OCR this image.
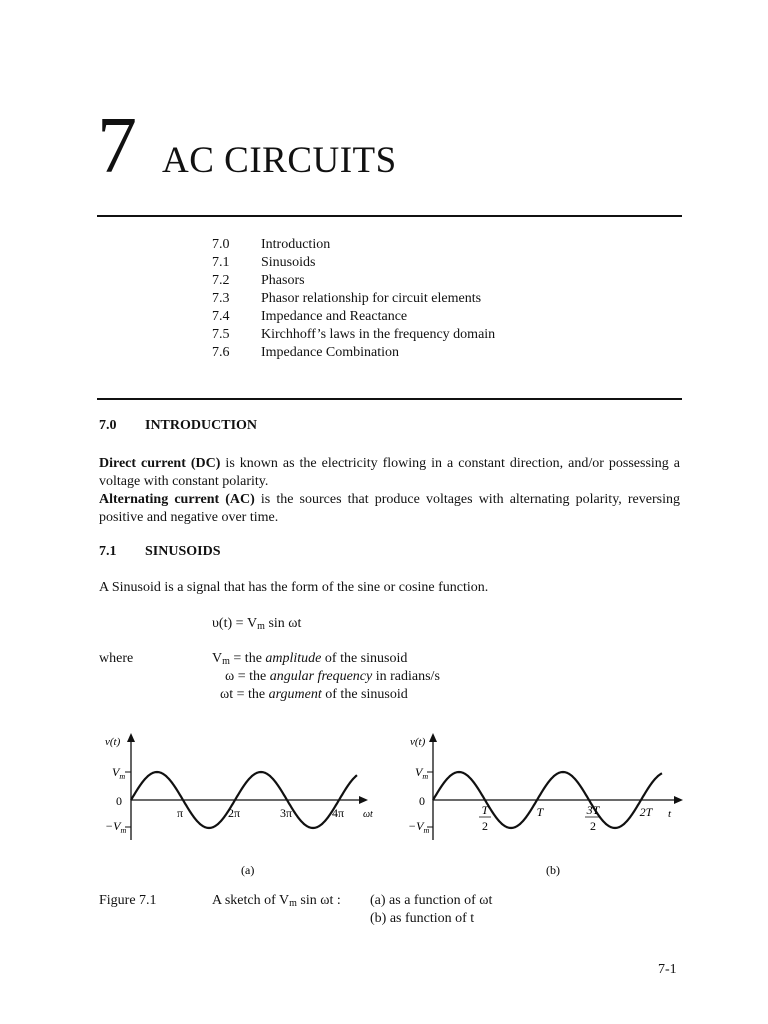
7 AC CIRCUITS
7.0 Introduction
7.1 Sinusoids
7.2 Phasors
7.3 Phasor relationship for circuit elements
7.4 Impedance and Reactance
7.5 Kirchhoff’s laws in the frequency domain
7.6 Impedance Combination
7.0 INTRODUCTION
Direct current (DC) is known as the electricity flowing in a constant direction, and/or possessing a voltage with constant polarity.
Alternating current (AC) is the sources that produce voltages with alternating polarity, reversing positive and negative over time.
7.1 SINUSOIDS
A Sinusoid is a signal that has the form of the sine or cosine function.
$\upsilon(t) = V_m$ sin ωt
where	$V_m$ = the amplitude of the sinusoid
ω = the angular frequency in radians/s
ωt = the argument of the sinusoid
v(t)
$V_m$
0
$-V_m$
π	2π	3π	4π ωt
(a)
v(t)
$V_m$
0
$-V_m$
T
2
T	3T
2
2T t
(b)
Figure 7.1	A sketch of $V_m$ sin ωt : (a) as a function of ωt
(b) as function of t
7-1
